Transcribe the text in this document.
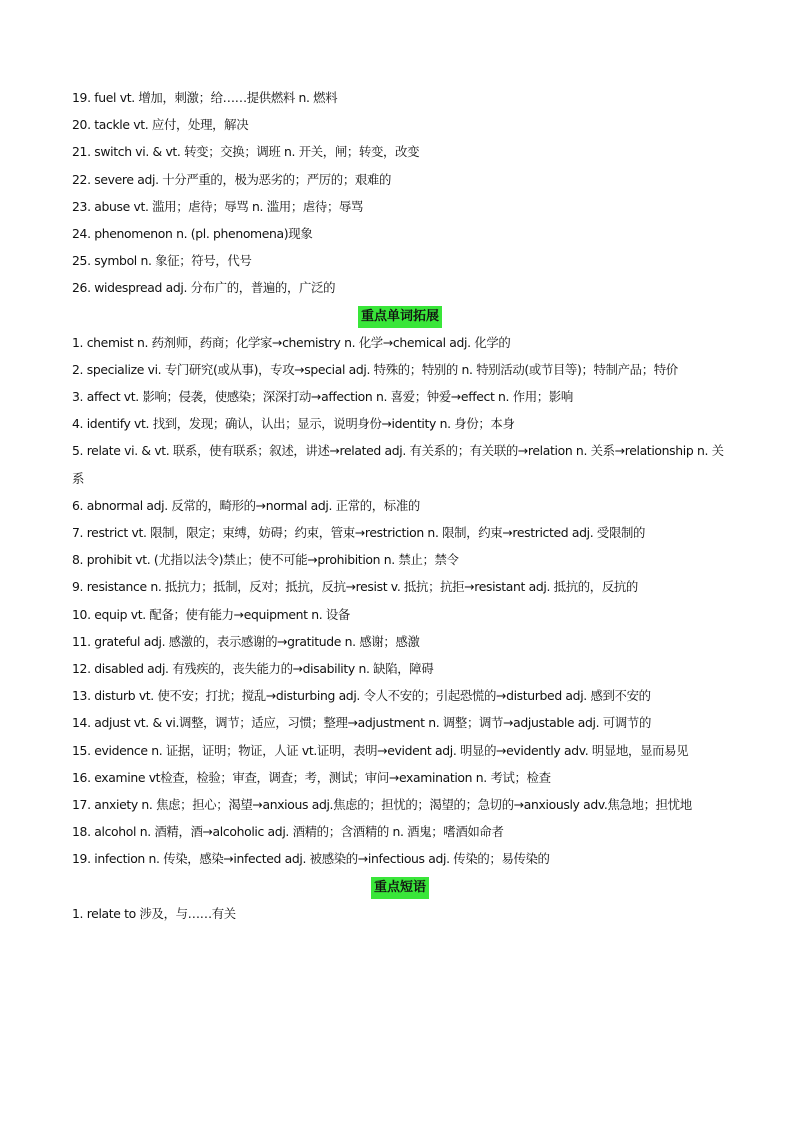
19. fuel vt. 增加，刺激；给……提供燃料 n. 燃料
20. tackle vt. 应付，处理，解决
21. switch vi. & vt. 转变；交换；调班 n. 开关，闸；转变，改变
22. severe adj. 十分严重的，极为恶劣的；严厉的；艰难的
23. abuse vt. 滥用；虐待；辱骂 n. 滥用；虐待；辱骂
24. phenomenon n. (pl. phenomena)现象
25. symbol n. 象征；符号，代号
26. widespread adj. 分布广的，普遍的，广泛的
重点单词拓展
1. chemist n. 药剂师，药商；化学家→chemistry n. 化学→chemical adj. 化学的
2. specialize vi. 专门研究(或从事)，专攻→special adj. 特殊的；特别的 n. 特别活动(或节目等)；特制产品；特价
3. affect vt. 影响；侵袭，使感染；深深打动→affection n. 喜爱；钟爱→effect n. 作用；影响
4. identify vt. 找到，发现；确认，认出；显示，说明身份→identity n. 身份；本身
5. relate vi. & vt. 联系，使有联系；叙述，讲述→related adj. 有关系的；有关联的→relation n. 关系→relationship n. 关系
6. abnormal adj. 反常的，畸形的→normal adj. 正常的，标准的
7. restrict vt. 限制，限定；束缚，妨碍；约束，管束→restriction n. 限制，约束→restricted adj. 受限制的
8. prohibit vt. (尤指以法令)禁止；使不可能→prohibition n. 禁止；禁令
9. resistance n. 抵抗力；抵制，反对；抵抗，反抗→resist v. 抵抗；抗拒→resistant adj. 抵抗的，反抗的
10. equip vt. 配备；使有能力→equipment n. 设备
11. grateful adj. 感激的，表示感谢的→gratitude n. 感谢；感激
12. disabled adj. 有残疾的，丧失能力的→disability n. 缺陷，障碍
13. disturb vt. 使不安；打扰；搅乱→disturbing adj. 令人不安的；引起恐慌的→disturbed adj. 感到不安的
14. adjust vt. & vi.调整，调节；适应，习惯；整理→adjustment n. 调整；调节→adjustable adj. 可调节的
15. evidence n. 证据，证明；物证，人证 vt.证明，表明→evident adj. 明显的→evidently adv. 明显地，显而易见
16. examine vt检查，检验；审查，调查；考，测试；审问→examination n. 考试；检查
17. anxiety n. 焦虑；担心；渴望→anxious adj.焦虑的；担忧的；渴望的；急切的→anxiously adv.焦急地；担忧地
18. alcohol n. 酒精，酒→alcoholic adj. 酒精的；含酒精的 n. 酒鬼；嗜酒如命者
19. infection n. 传染，感染→infected adj. 被感染的→infectious adj. 传染的；易传染的
重点短语
1. relate to 涉及，与……有关
